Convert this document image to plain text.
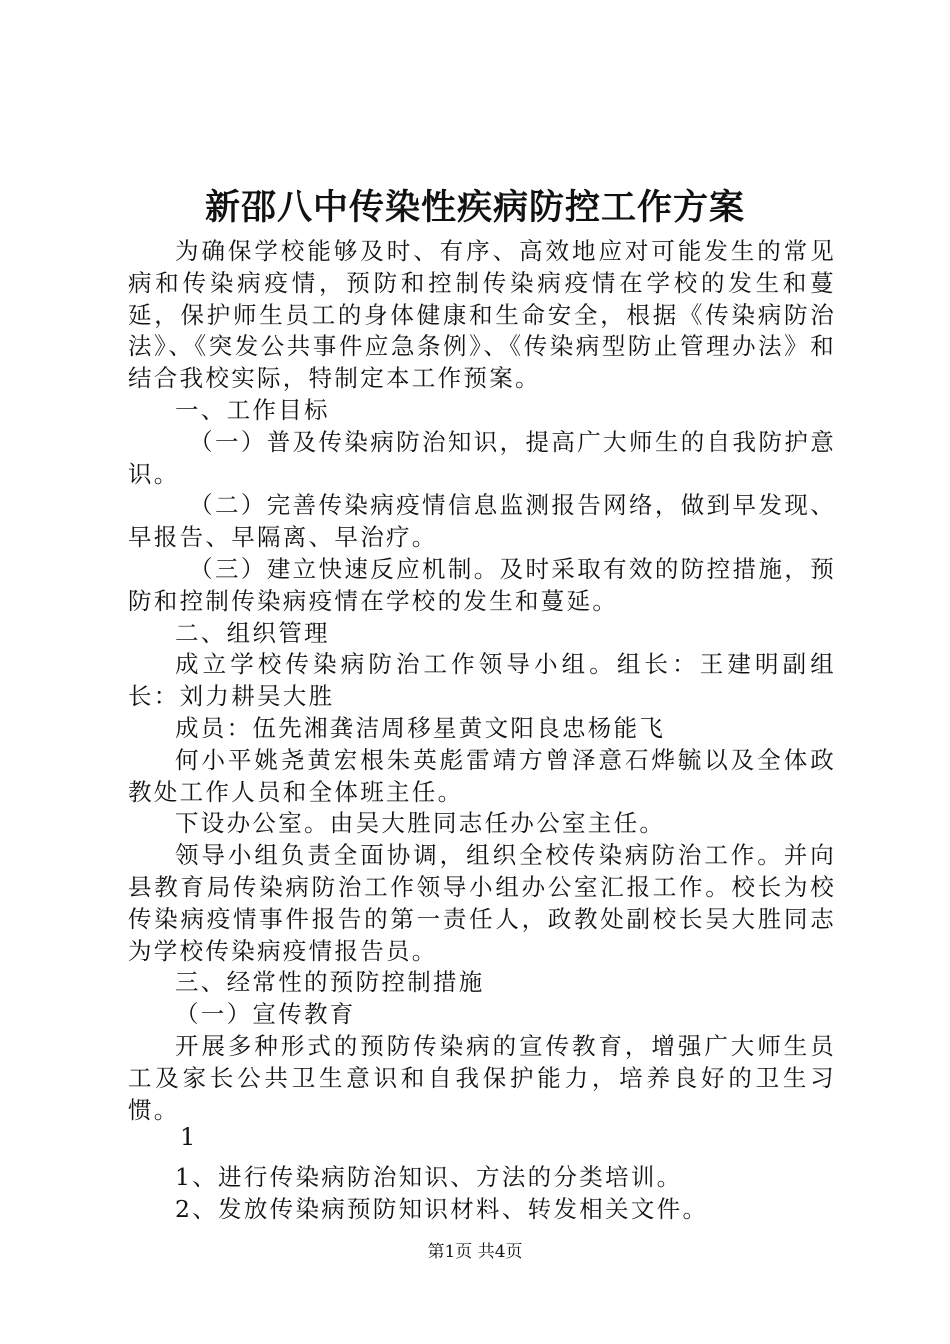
新邵八中传染性疾病防控工作方案

为确保学校能够及时、有序、高效地应对可能发生的常见病和传染病疫情，预防和控制传染病疫情在学校的发生和蔓延，保护师生员工的身体健康和生命安全，根据《传染病防治法》、《突发公共事件应急条例》、《传染病型防止管理办法》和结合我校实际，特制定本工作预案。

一、工作目标

（一）普及传染病防治知识，提高广大师生的自我防护意识。

（二）完善传染病疫情信息监测报告网络，做到早发现、早报告、早隔离、早治疗。

（三）建立快速反应机制。及时采取有效的防控措施，预防和控制传染病疫情在学校的发生和蔓延。

二、组织管理

成立学校传染病防治工作领导小组。组长：王建明副组长：刘力耕吴大胜

成员：伍先湘龚洁周移星黄文阳良忠杨能飞

何小平姚尧黄宏根朱英彪雷靖方曾泽意石烨毓以及全体政教处工作人员和全体班主任。

下设办公室。由吴大胜同志任办公室主任。

领导小组负责全面协调，组织全校传染病防治工作。并向县教育局传染病防治工作领导小组办公室汇报工作。校长为校传染病疫情事件报告的第一责任人，政教处副校长吴大胜同志为学校传染病疫情报告员。

三、经常性的预防控制措施

（一）宣传教育

开展多种形式的预防传染病的宣传教育，增强广大师生员工及家长公共卫生意识和自我保护能力，培养良好的卫生习惯。

1、进行传染病防治知识、方法的分类培训。

2、发放传染病预防知识材料、转发相关文件。

1
第1页 共4页
